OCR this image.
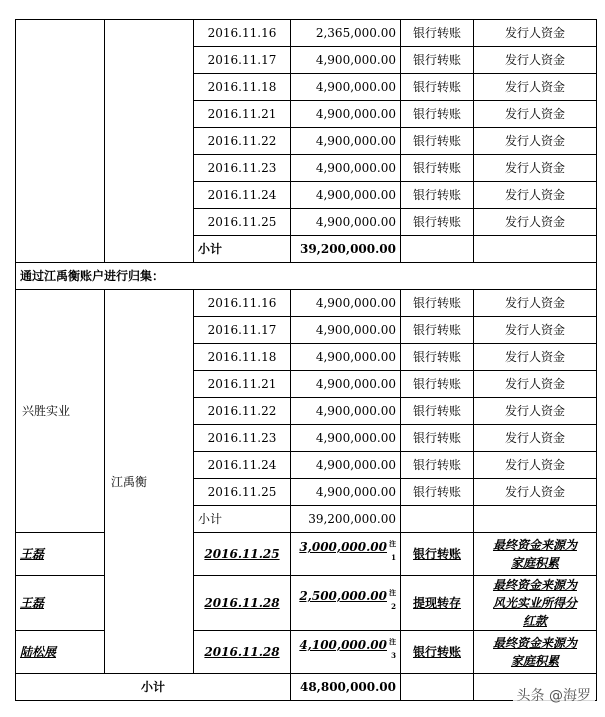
		2016.11.16	2,365,000.00	银行转账	发行人资金
		2016.11.17	4,900,000.00	银行转账	发行人资金
		2016.11.18	4,900,000.00	银行转账	发行人资金
		2016.11.21	4,900,000.00	银行转账	发行人资金
		2016.11.22	4,900,000.00	银行转账	发行人资金
		2016.11.23	4,900,000.00	银行转账	发行人资金
		2016.11.24	4,900,000.00	银行转账	发行人资金
		2016.11.25	4,900,000.00	银行转账	发行人资金
		小计	39,200,000.00		
通过江禹衡账户进行归集：					
兴胜实业	江禹衡	2016.11.16	4,900,000.00	银行转账	发行人资金
		2016.11.17	4,900,000.00	银行转账	发行人资金
		2016.11.18	4,900,000.00	银行转账	发行人资金
		2016.11.21	4,900,000.00	银行转账	发行人资金
		2016.11.22	4,900,000.00	银行转账	发行人资金
		2016.11.23	4,900,000.00	银行转账	发行人资金
		2016.11.24	4,900,000.00	银行转账	发行人资金
		2016.11.25	4,900,000.00	银行转账	发行人资金
		小计	39,200,000.00		
王磊		2016.11.25	3,000,000.00 $^{注1}$	银行转账	最终资金来源为
家庭积累

王磊		2016.11.28	2,500,000.00 $^{注2}$	提现转存	最终资金来源为
风光实业所得分
红款

陆松展		2016.11.28	4,100,000.00 $^{注3}$	银行转账	最终资金来源为
家庭积累

小计			48,800,000.00		
头条 @海罗
